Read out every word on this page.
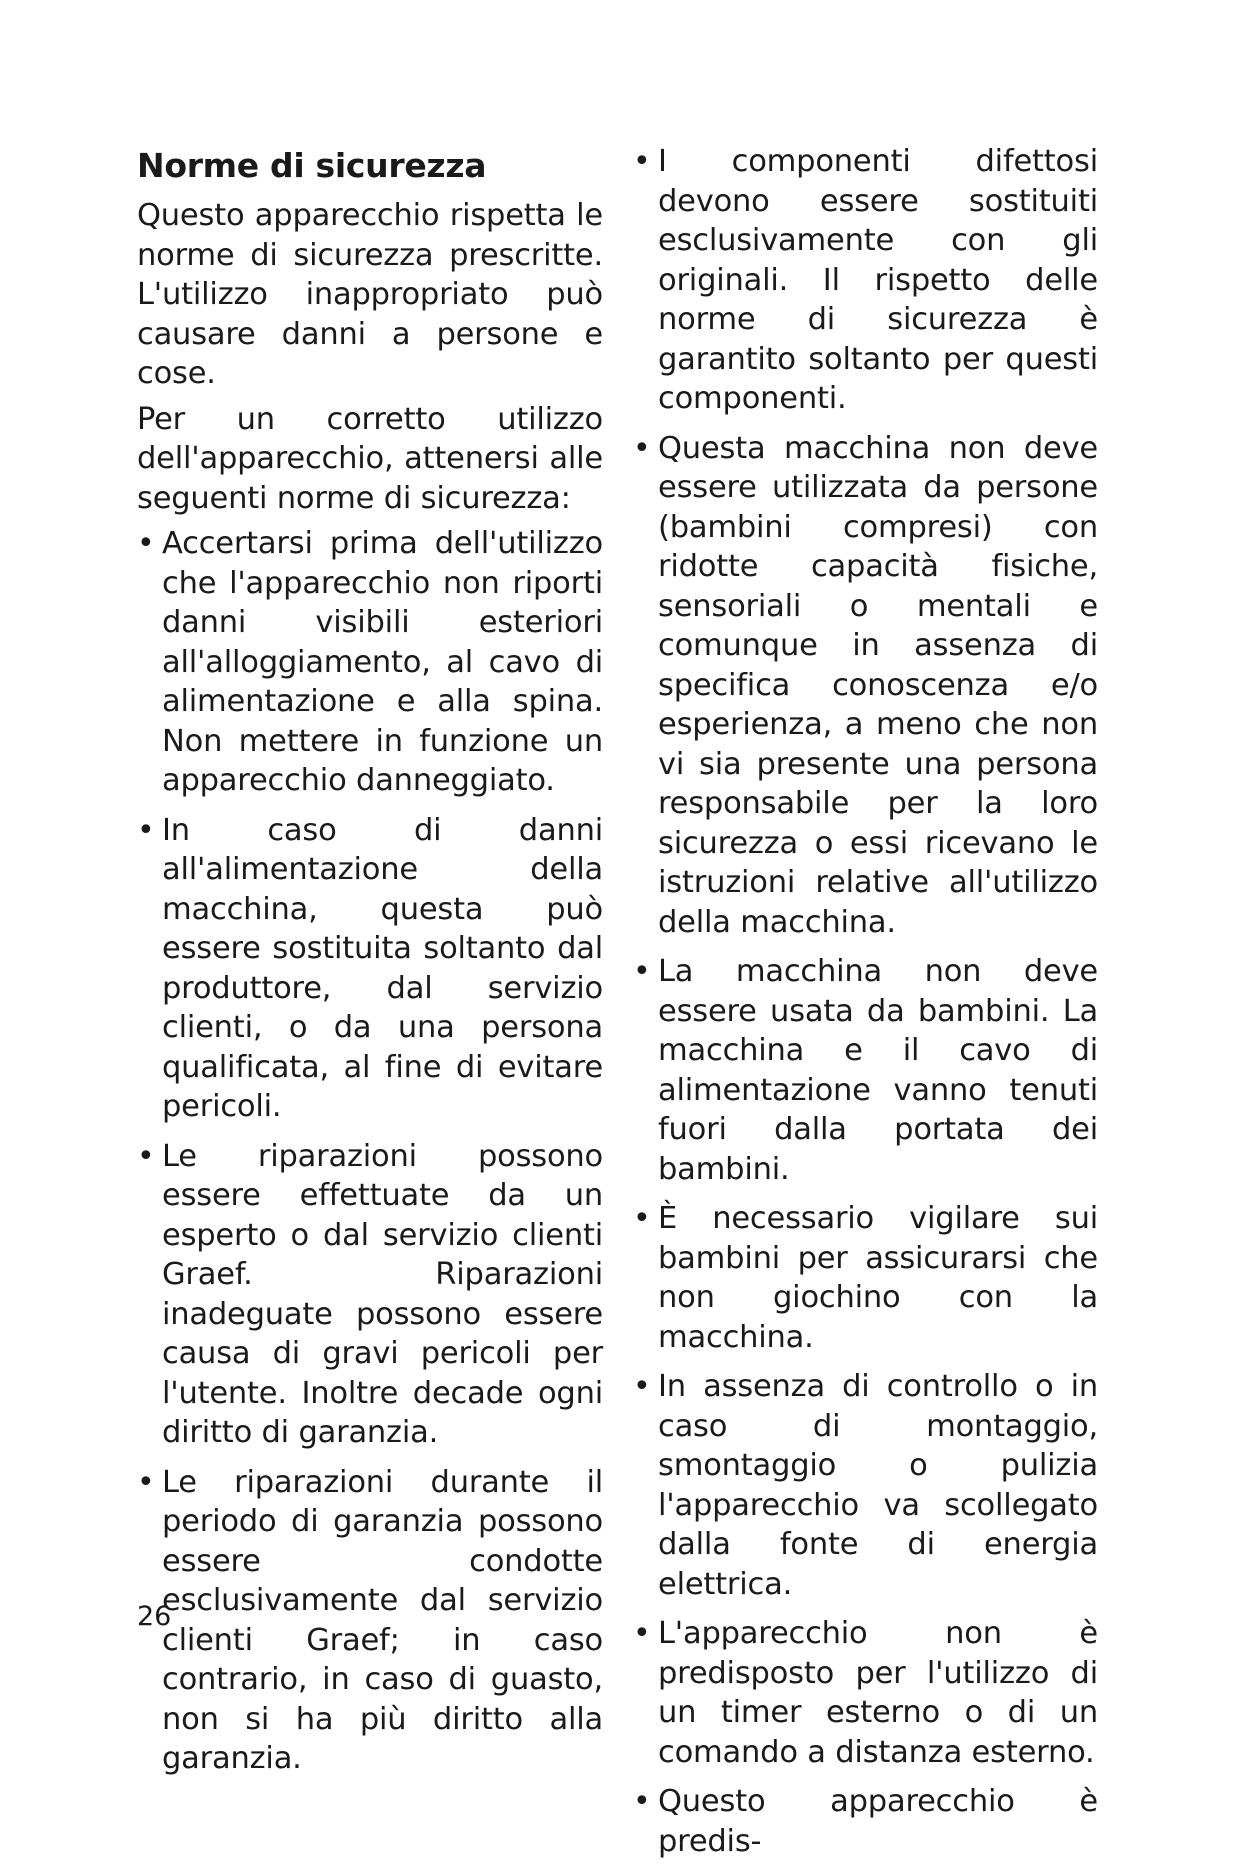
Norme di sicurezza

Questo apparecchio rispetta le norme di sicurezza prescritte. L'utilizzo inappropriato può causare danni a persone e cose.

Per un corretto utilizzo dell'apparecchio, attenersi alle seguenti norme di sicurezza:

• Accertarsi prima dell'utilizzo che l'apparecchio non riporti danni visibili esteriori all'alloggiamento, al cavo di alimentazione e alla spina. Non mettere in funzione un apparecchio danneggiato.
• In caso di danni all'alimentazione della macchina, questa può essere sostituita soltanto dal produttore, dal servizio clienti, o da una persona qualificata, al fine di evitare pericoli.
• Le riparazioni possono essere effettuate da un esperto o dal servizio clienti Graef. Riparazioni inadeguate possono essere causa di gravi pericoli per l'utente. Inoltre decade ogni diritto di garanzia.
• Le riparazioni durante il periodo di garanzia possono essere condotte esclusivamente dal servizio clienti Graef; in caso contrario, in caso di guasto, non si ha più diritto alla garanzia.
• I componenti difettosi devono essere sostituiti esclusivamente con gli originali. Il rispetto delle norme di sicurezza è garantito soltanto per questi componenti.
• Questa macchina non deve essere utilizzata da persone (bambini compresi) con ridotte capacità fisiche, sensoriali o mentali e comunque in assenza di specifica conoscenza e/o esperienza, a meno che non vi sia presente una persona responsabile per la loro sicurezza o essi ricevano le istruzioni relative all'utilizzo della macchina.
• La macchina non deve essere usata da bambini. La macchina e il cavo di alimentazione vanno tenuti fuori dalla portata dei bambini.
• È necessario vigilare sui bambini per assicurarsi che non giochino con la macchina.
• In assenza di controllo o in caso di montaggio, smontaggio o pulizia l'apparecchio va scollegato dalla fonte di energia elettrica.
• L'apparecchio non è predisposto per l'utilizzo di un timer esterno o di un comando a distanza esterno.
• Questo apparecchio è predis-
26
